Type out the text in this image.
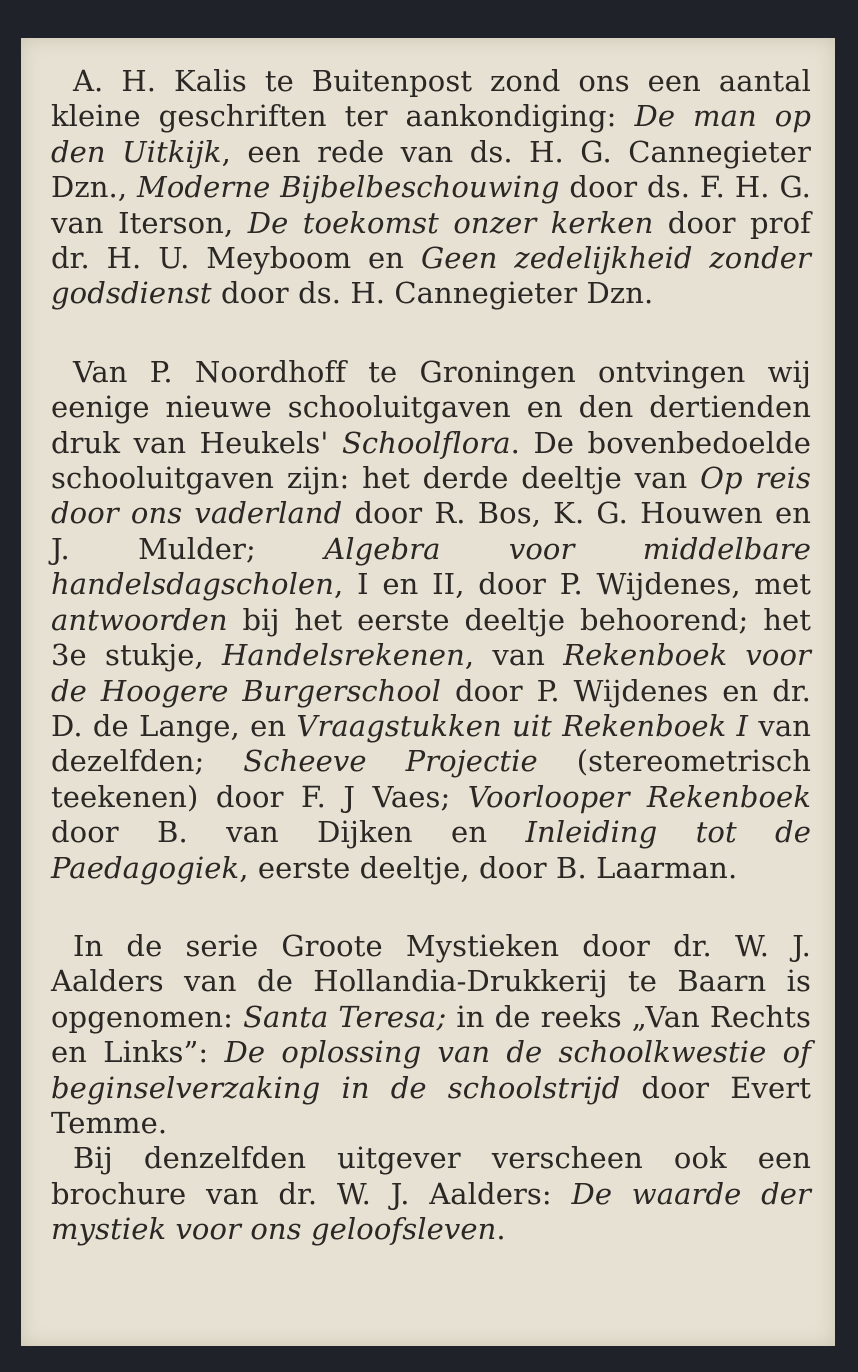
A. H. Kalis te Buitenpost zond ons een aantal kleine geschriften ter aankondiging: De man op den Uitkijk, een rede van ds. H. G. Cannegieter Dzn., Moderne Bijbelbeschouwing door ds. F. H. G. van Iterson, De toekomst onzer kerken door prof dr. H. U. Meyboom en Geen zedelijkheid zonder godsdienst door ds. H. Cannegieter Dzn.

Van P. Noordhoff te Groningen ontvingen wij eenige nieuwe schooluitgaven en den dertienden druk van Heukels' Schoolflora. De bovenbedoelde schooluitgaven zijn: het derde deeltje van Op reis door ons vaderland door R. Bos, K. G. Houwen en J. Mulder; Algebra voor middelbare handelsdagscholen, I en II, door P. Wijdenes, met antwoorden bij het eerste deeltje behoorend; het 3e stukje, Handelsrekenen, van Rekenboek voor de Hoogere Burgerschool door P. Wijdenes en dr. D. de Lange, en Vraagstukken uit Rekenboek I van dezelfden; Scheeve Projectie (stereometrisch teekenen) door F. J Vaes; Voorlooper Rekenboek door B. van Dijken en Inleiding tot de Paedagogiek, eerste deeltje, door B. Laarman.

In de serie Groote Mystieken door dr. W. J. Aalders van de Hollandia-Drukkerij te Baarn is opgenomen: Santa Teresa; in de reeks „Van Rechts en Links”: De oplossing van de schoolkwestie of beginselverzaking in de schoolstrijd door Evert Temme.

Bij denzelfden uitgever verscheen ook een brochure van dr. W. J. Aalders: De waarde der mystiek voor ons geloofsleven.
